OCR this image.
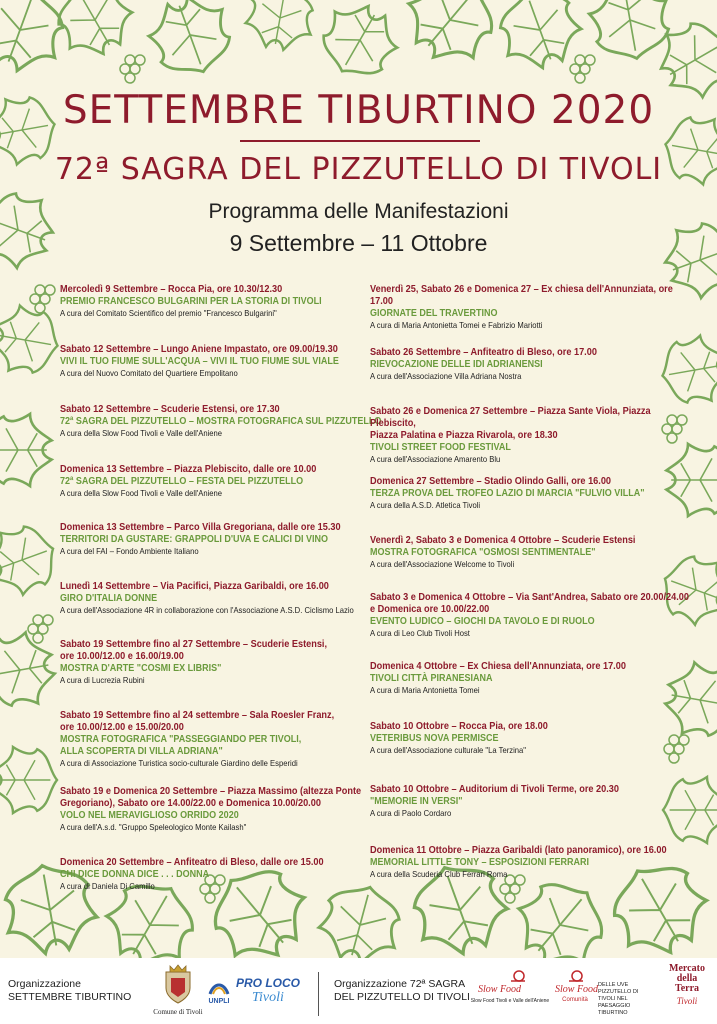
SETTEMBRE TIBURTINO 2020
72ª SAGRA DEL PIZZUTELLO DI TIVOLI
Programma delle Manifestazioni
9 Settembre – 11 Ottobre
Mercoledì 9 Settembre – Rocca Pia, ore 10.30/12.30
PREMIO FRANCESCO BULGARINI PER LA STORIA DI TIVOLI
A cura del Comitato Scientifico del premio "Francesco Bulgarini"
Sabato 12 Settembre – Lungo Aniene Impastato, ore 09.00/19.30
VIVI IL TUO FIUME SULL'ACQUA – VIVI IL TUO FIUME SUL VIALE
A cura del Nuovo Comitato del Quartiere Empolitano
Sabato 12 Settembre – Scuderie Estensi, ore 17.30
72ª SAGRA DEL PIZZUTELLO – MOSTRA FOTOGRAFICA SUL PIZZUTELLO
A cura della Slow Food Tivoli e Valle dell'Aniene
Domenica 13 Settembre – Piazza Plebiscito, dalle ore 10.00
72ª SAGRA DEL PIZZUTELLO – FESTA DEL PIZZUTELLO
A cura della Slow Food Tivoli e Valle dell'Aniene
Domenica 13 Settembre – Parco Villa Gregoriana, dalle ore 15.30
TERRITORI DA GUSTARE: GRAPPOLI D'UVA E CALICI DI VINO
A cura del FAI – Fondo Ambiente Italiano
Lunedì 14 Settembre – Via Pacifici, Piazza Garibaldi, ore 16.00
GIRO D'ITALIA DONNE
A cura dell'Associazione 4R in collaborazione con l'Associazione A.S.D. Ciclismo Lazio
Sabato 19 Settembre fino al 27 Settembre – Scuderie Estensi,
ore 10.00/12.00 e 16.00/19.00
MOSTRA D'ARTE "COSMI EX LIBRIS"
A cura di Lucrezia Rubini
Sabato 19 Settembre fino al 24 settembre – Sala Roesler Franz,
ore 10.00/12.00 e 15.00/20.00
MOSTRA FOTOGRAFICA "PASSEGGIANDO PER TIVOLI,
ALLA SCOPERTA DI VILLA ADRIANA"
A cura di Associazione Turistica socio-culturale Giardino delle Esperidi
Sabato 19 e Domenica 20 Settembre – Piazza Massimo (altezza Ponte
Gregoriano), Sabato ore 14.00/22.00 e Domenica 10.00/20.00
VOLO NEL MERAVIGLIOSO ORRIDO 2020
A cura dell'A.s.d. "Gruppo Speleologico Monte Kailash"
Domenica 20 Settembre – Anfiteatro di Bleso, dalle ore 15.00
CHI DICE DONNA DICE . . . DONNA
A cura di Daniela Di Camillo
Venerdì 25, Sabato 26 e Domenica 27 – Ex chiesa dell'Annunziata, ore 17.00
GIORNATE DEL TRAVERTINO
A cura di Maria Antonietta Tomei e Fabrizio Mariotti
Sabato 26 Settembre – Anfiteatro di Bleso, ore 17.00
RIEVOCAZIONE DELLE IDI ADRIANENSI
A cura dell'Associazione Villa Adriana Nostra
Sabato 26 e Domenica 27 Settembre – Piazza Sante Viola, Piazza Plebiscito,
Piazza Palatina e Piazza Rivarola, ore 18.30
TIVOLI STREET FOOD FESTIVAL
A cura dell'Associazione Amarento Blu
Domenica 27 Settembre – Stadio Olindo Galli, ore 16.00
TERZA PROVA DEL TROFEO LAZIO DI MARCIA "FULVIO VILLA"
A cura della A.S.D. Atletica Tivoli
Venerdì 2, Sabato 3 e Domenica 4 Ottobre – Scuderie Estensi
MOSTRA FOTOGRAFICA "OSMOSI SENTIMENTALE"
A cura dell'Associazione Welcome to Tivoli
Sabato 3 e Domenica 4 Ottobre – Via Sant'Andrea, Sabato ore 20.00/24.00
e Domenica ore 10.00/22.00
EVENTO LUDICO – GIOCHI DA TAVOLO E DI RUOLO
A cura di Leo Club Tivoli Host
Domenica 4 Ottobre – Ex Chiesa dell'Annunziata, ore 17.00
TIVOLI CITTÀ PIRANESIANA
A cura di Maria Antonietta Tomei
Sabato 10 Ottobre – Rocca Pia, ore 18.00
VETERIBUS NOVA PERMISCE
A cura dell'Associazione culturale "La Terzina"
Sabato 10 Ottobre – Auditorium di Tivoli Terme, ore 20.30
"MEMORIE IN VERSI"
A cura di Paolo Cordaro
Domenica 11 Ottobre – Piazza Garibaldi (lato panoramico), ore 16.00
MEMORIAL LITTLE TONY – ESPOSIZIONI FERRARI
A cura della Scuderia Club Ferrari Roma
Organizzazione
SETTEMBRE TIBURTINO
Comune di Tivoli
UNPLI
PRO LOCO
Tivoli
Organizzazione 72ª SAGRA
DEL PIZZUTELLO DI TIVOLI
Slow Food
Slow Food Tivoli e Valle dell'Aniene
Slow Food
Comunità
DELLE UVE PIZZUTELLO DI TIVOLI NEL PAESAGGIO TIBURTINO
Mercato della Terra
Tivoli
